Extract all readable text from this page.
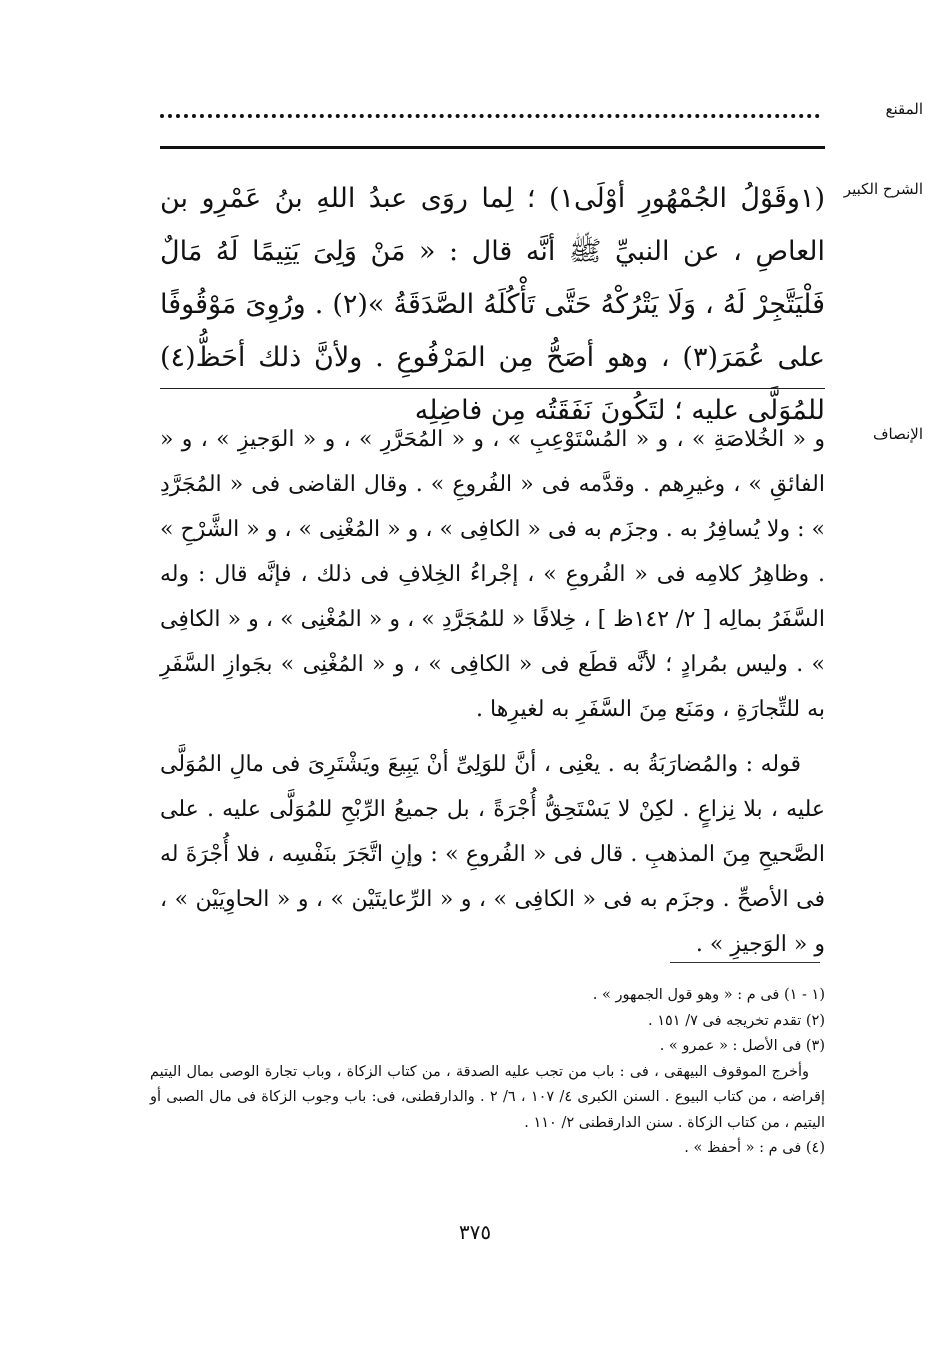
المقنع
الشرح الكبير

(١وقَوْلُ الجُمْهُورِ أوْلَى١) ؛ لِما روَى عبدُ اللهِ بنُ عَمْرِو بن العاصِ ، عن النبيِّ ﷺ أنَّه قال : « مَنْ وَلِىَ يَتِيمًا لَهُ مَالٌ فَلْيَتَّجِرْ لَهُ ، وَلَا يَتْرُكْهُ حَتَّى تَأْكُلَهُ الصَّدَقَةُ »(٢) . ورُوِىَ مَوْقُوفًا على عُمَرَ(٣) ، وهو أصَحُّ مِن المَرْفُوعِ . ولأنَّ ذلك أحَظُّ(٤) للمُوَلَّى عليه ؛ لتَكُونَ نَفَقَتُه مِن فاضِلِه

الإنصاف

و « الخُلاصَةِ » ، و « المُسْتَوْعِبِ » ، و « المُحَرَّرِ » ، و « الوَجيزِ » ، و « الفائقِ » ، وغيرِهم . وقدَّمه فى « الفُروعِ » . وقال القاضى فى « المُجَرَّدِ » : ولا يُسافِرُ به . وجزَم به فى « الكافِى » ، و « المُغْنِى » ، و « الشَّرْحِ » . وظاهِرُ كلامِه فى « الفُروعِ » ، إجْراءُ الخِلافِ فى ذلك ، فإنَّه قال : وله السَّفَرُ بمالِه [ ٢/ ١٤٢ظ ] ، خِلافًا « للمُجَرَّدِ » ، و « المُغْنِى » ، و « الكافِى » . وليس بمُرادٍ ؛ لأنَّه قطَع فى « الكافِى » ، و « المُغْنِى » بجَوازِ السَّفَرِ به للتِّجارَةِ ، ومَنَع مِنَ السَّفَرِ به لغيرِها .

قوله : والمُضارَبَةُ به . يعْنِى ، أنَّ للوَلِىِّ أنْ يَبِيعَ ويَشْتَرِىَ فى مالِ المُوَلَّى عليه ، بلا نِزاعٍ . لكِنْ لا يَسْتَحِقُّ أُجْرَةً ، بل جميعُ الرِّبْحِ للمُوَلَّى عليه . على الصَّحيحِ مِنَ المذهبِ . قال فى « الفُروعِ » : وإنِ اتَّجَرَ بنَفْسِه ، فلا أُجْرَةَ له فى الأصحِّ . وجزَم به فى « الكافِى » ، و « الرِّعايتَيْن » ، و « الحاوِيَيْن » ، و « الوَجيزِ » .

(١ - ١) فى م : « وهو قول الجمهور » .

(٢) تقدم تخريجه فى ٧/ ١٥١ .

(٣) فى الأصل : « عمرو » .

وأخرج الموقوف البيهقى ، فى : باب من تجب عليه الصدقة ، من كتاب الزكاة ، وباب تجارة الوصى بمال اليتيم إقراضه ، من كتاب البيوع . السنن الكبرى ٤/ ١٠٧ ، ٦/ ٢ . والدارقطنى، فى: باب وجوب الزكاة فى مال الصبى أو اليتيم ، من كتاب الزكاة . سنن الدارقطنى ٢/ ١١٠ .

(٤) فى م : « أحفظ » .

٣٧٥
